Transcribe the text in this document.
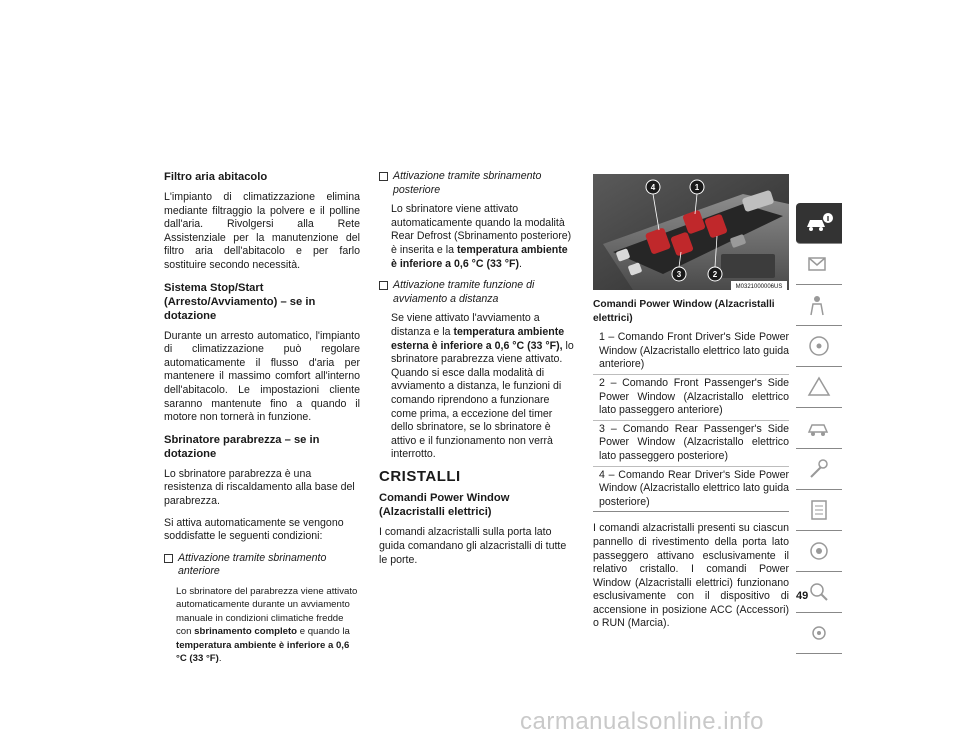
Filtro aria abitacolo

L'impianto di climatizzazione elimina mediante filtraggio la polvere e il polline dall'aria. Rivolgersi alla Rete Assistenziale per la manutenzione del filtro aria dell'abitacolo e per farlo sostituire secondo necessità.

Sistema Stop/Start (Arresto/Avviamento) – se in dotazione

Durante un arresto automatico, l'impianto di climatizzazione può regolare automaticamente il flusso d'aria per mantenere il massimo comfort all'interno dell'abitacolo. Le impostazioni cliente saranno mantenute fino a quando il motore non tornerà in funzione.

Sbrinatore parabrezza – se in dotazione

Lo sbrinatore parabrezza è una resistenza di riscaldamento alla base del parabrezza.

Si attiva automaticamente se vengono soddisfatte le seguenti condizioni:

Attivazione tramite sbrinamento anteriore
Lo sbrinatore del parabrezza viene attivato automaticamente durante un avviamento manuale in condizioni climatiche fredde con sbrinamento completo e quando la temperatura ambiente è inferiore a 0,6 °C (33 °F).
Attivazione tramite sbrinamento posteriore
Lo sbrinatore viene attivato automaticamente quando la modalità Rear Defrost (Sbrinamento posteriore) è inserita e la temperatura ambiente è inferiore a 0,6 °C (33 °F).
Attivazione tramite funzione di avviamento a distanza
Se viene attivato l'avviamento a distanza e la temperatura ambiente esterna è inferiore a 0,6 °C (33 °F), lo sbrinatore parabrezza viene attivato. Quando si esce dalla modalità di avviamento a distanza, le funzioni di comando riprendono a funzionare come prima, a eccezione del timer dello sbrinatore, se lo sbrinatore è attivo e il funzionamento non verrà interrotto.
CRISTALLI
Comandi Power Window (Alzacristalli elettrici)

I comandi alzacristalli sulla porta lato guida comandano gli alzacristalli di tutte le porte.

4	1
3	2
M0321000006US
Comandi Power Window (Alzacristalli elettrici)
1 – Comando Front Driver's Side Power Window (Alzacristallo elettrico lato guida anteriore)
2 – Comando Front Passenger's Side Power Window (Alzacristallo elettrico lato passeggero anteriore)
3 – Comando Rear Passenger's Side Power Window (Alzacristallo elettrico lato passeggero posteriore)
4 – Comando Rear Driver's Side Power Window (Alzacristallo elettrico lato guida posteriore)

I comandi alzacristalli presenti su ciascun pannello di rivestimento della porta lato passeggero attivano esclusivamente il relativo cristallo. I comandi Power Window (Alzacristalli elettrici) funzionano esclusivamente con il dispositivo di accensione in posizione ACC (Accessori) o RUN (Marcia).

49
carmanualsonline.info
